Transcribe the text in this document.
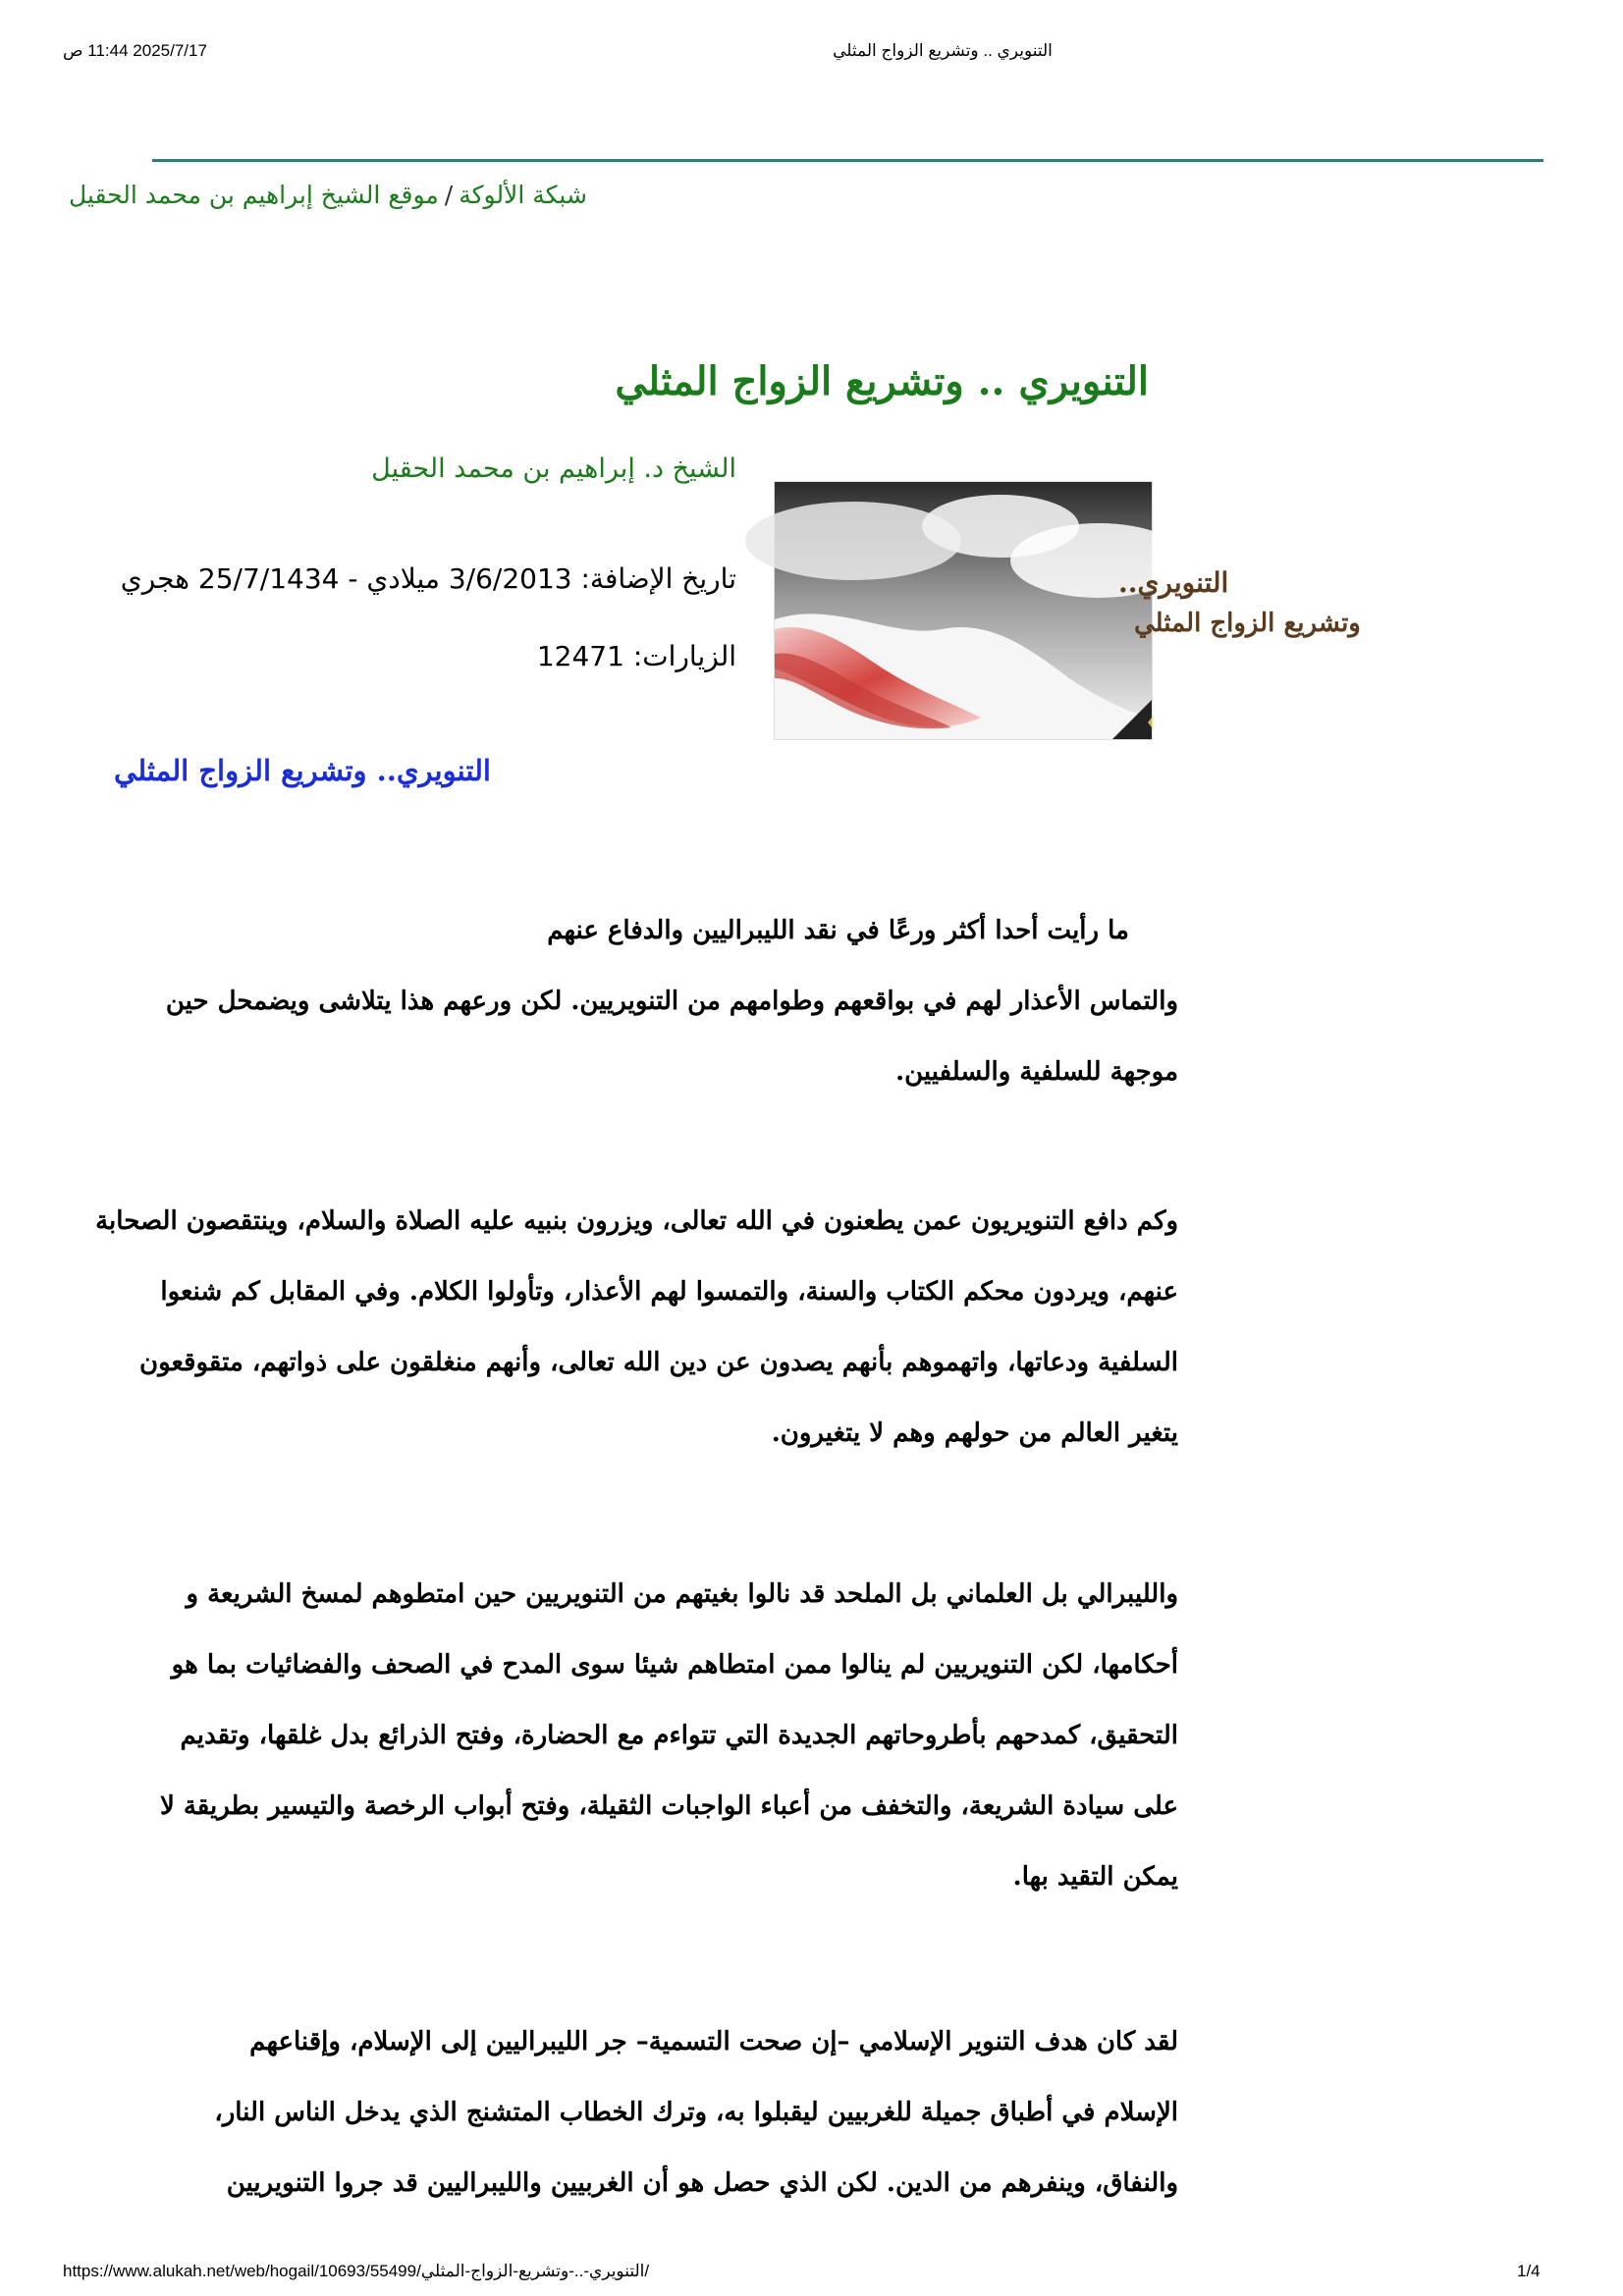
2025/7/17 11:44 ص	التنويري .. وتشريع الزواج المثلي
شبكة الألوكة/موقع الشيخ إبراهيم بن محمد الحقيل
التنويري .. وتشريع الزواج المثلي
الشيخ د. إبراهيم بن محمد الحقيل
التنويري..
وتشريع الزواج المثلي
تاريخ الإضافة: 3/6/2013 ميلادي - 25/7/1434 هجري
الزيارات: 12471
التنويري.. وتشريع الزواج المثلي
ما رأيت أحدا أكثر ورعًا في نقد الليبراليين والدفاع عنهم
والتماس الأعذار لهم في بواقعهم وطوامهم من التنويريين. لكن ورعهم هذا يتلاشى ويضمحل حين
موجهة للسلفية والسلفيين.
وكم دافع التنويريون عمن يطعنون في الله تعالى، ويزرون بنبيه عليه الصلاة والسلام، وينتقصون الصحابة
عنهم، ويردون محكم الكتاب والسنة، والتمسوا لهم الأعذار، وتأولوا الكلام. وفي المقابل كم شنعوا
السلفية ودعاتها، واتهموهم بأنهم يصدون عن دين الله تعالى، وأنهم منغلقون على ذواتهم، متقوقعون
يتغير العالم من حولهم وهم لا يتغيرون.
والليبرالي بل العلماني بل الملحد قد نالوا بغيتهم من التنويريين حين امتطوهم لمسخ الشريعة و
أحكامها، لكن التنويريين لم ينالوا ممن امتطاهم شيئا سوى المدح في الصحف والفضائيات بما هو
التحقيق، كمدحهم بأطروحاتهم الجديدة التي تتواءم مع الحضارة، وفتح الذرائع بدل غلقها، وتقديم
على سيادة الشريعة، والتخفف من أعباء الواجبات الثقيلة، وفتح أبواب الرخصة والتيسير بطريقة لا
يمكن التقيد بها.
لقد كان هدف التنوير الإسلامي –إن صحت التسمية– جر الليبراليين إلى الإسلام، وإقناعهم
الإسلام في أطباق جميلة للغربيين ليقبلوا به، وترك الخطاب المتشنج الذي يدخل الناس النار،
والنفاق، وينفرهم من الدين. لكن الذي حصل هو أن الغربيين والليبراليين قد جروا التنويريين
https://www.alukah.net/web/hogail/10693/55499/التنويري-..-وتشريع-الزواج-المثلي/	1/4
